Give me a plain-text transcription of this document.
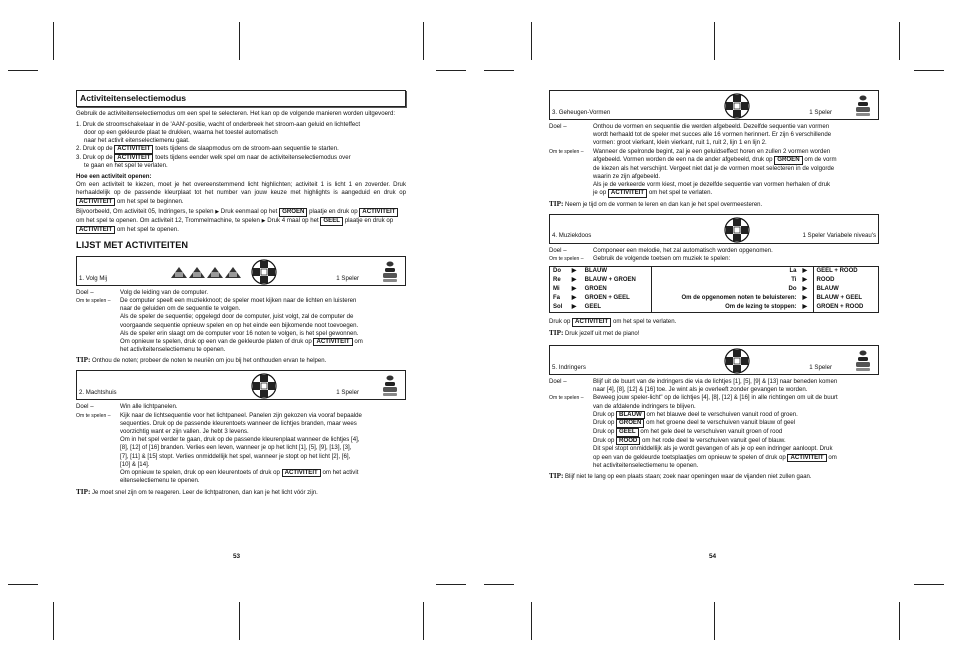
Activiteitenselectiemodus
Gebruik de activiteitenselectiemodus om een spel te selecteren. Het kan op de volgende manieren worden uitgevoerd:
1. Druk de stroomschakelaar in de 'AAN'-positie, wacht of onderbreek het stroom-aan geluid en lichteffect
door op een gekleurde plaat te drukken, waarna het toestel automatisch
naar het activit eitenselectiemenu gaat.
2. Druk op de ACTIVITEIT toets tijdens de slaapmodus om de stroom-aan sequentie te starten.
3. Druk op de ACTIVITEIT toets tijdens eender welk spel om naar de activiteitenselectiemodus over
te gaan en het spel te verlaten.
Hoe een activiteit openen:
Om een activiteit te kiezen, moet je het overeenstemmend licht highlichten; activiteit 1 is licht 1 en zoverder. Druk herhaaldelijk op de passende kleurplaat tot het number van jouw keuze met highlights is aangeduid en druk op ACTIVITEIT om het spel te beginnen.
Bijvoorbeeld, Om activiteit 05, Indringers, te spelen ▶ Druk eenmaal op het GROEN plaatje en druk op ACTIVITEIT om het spel te openen. Om activiteit 12, Trommelmachine, te spelen ▶ Druk 4 maal op het GEEL plaatje en druk op ACTIVITEIT om het spel te openen.
LIJST MET ACTIVITEITEN
1. Volg Mij	1 Speler
Doel –	Volg de leiding van de computer.
Om te spelen –	De computer speelt een muziekknoot; de speler moet kijken naar de lichten en luisteren
naar de geluiden om de sequentie te volgen.
Als de speler de sequentie; opgelegd door de computer, juist volgt, zal de computer de
voorgaande sequentie opnieuw spelen en op het einde een bijkomende noot toevoegen.
Als de speler erin slaagt om de computer voor 16 noten te volgen, is het spel gewonnen.
Om opnieuw te spelen, druk op een van de gekleurde platen of druk op ACTIVITEIT om
het activiteitenselectiemenu te openen.
TIP: Onthou de noten; probeer de noten te neuriën om jou bij het onthouden ervan te helpen.
2. Machtshuis	1 Speler
Doel –	Win alle lichtpanelen.
Om te spelen –	Kijk naar de lichtsequentie voor het lichtpaneel. Panelen zijn gekozen via vooraf bepaalde
sequenties. Druk op de passende kleurentoets wanneer de lichtjes branden, maar wees
voorzichtig want er zijn vallen. Je hebt 3 levens.
Om in het spel verder te gaan, druk op de passende kleurenplaat wanneer de lichtjes [4],
[8], [12] of [16] branden. Verlies een leven, wanneer je op het licht [1], [5], [9], [13], [3],
[7], [11] & [15] stopt. Verlies onmiddellijk het spel, wanneer je stopt op het licht [2], [6],
[10] & [14].
Om opnieuw te spelen, druk op een kleurentoets of druk op ACTIVITEIT om het activit
eitenselectiemenu te openen.
TIP: Je moet snel zijn om te reageren. Leer de lichtpatronen, dan kan je het licht vóór zijn.
53
3. Geheugen-Vormen	1 Speler
Doel –	Onthou de vormen en sequentie die werden afgebeeld. Dezelfde sequentie van vormen
wordt herhaald tot de speler met succes alle 16 vormen herinnert. Er zijn 6 verschillende
vormen: groot vierkant, klein vierkant, ruit 1, ruit 2, lijn 1 en lijn 2.
Om te spelen –	Wanneer de spelronde begint, zal je een geluidseffect horen en zullen 2 vormen worden
afgebeeld. Vormen worden de een na de ander afgebeeld, druk op GROEN om de vorm
de kiezen als het verschijnt. Vergeet niet dat je de vormen moet selecteren in de volgorde
waarin ze zijn afgebeeld.
Als je de verkeerde vorm kiest, moet je dezelfde sequentie van vormen herhalen of druk
je op ACTIVITEIT om het spel te verlaten.
TIP: Neem je tijd om de vormen te leren en dan kan je het spel overmeesteren.
4. Muziekdoos	1 Speler Variabele niveau's
Doel –	Componeer een melodie, het zal automatisch worden opgenomen.
Om te spelen –	Gebruik de volgende toetsen om muziek te spelen:
Do	▶	BLAUW	La	▶	GEEL + ROOD
Re	▶	BLAUW + GROEN	Ti	▶	ROOD
Mi	▶	GROEN	Do	▶	BLAUW
Fa	▶	GROEN + GEEL	Om de opgenomen noten te beluisteren:	▶	BLAUW + GEEL
Sol	▶	GEEL	Om de lezing te stoppen:	▶	GROEN + ROOD
Druk op ACTIVITEIT om het spel te verlaten.
TIP: Druk jezelf uit met de piano!
5. Indringers	1 Speler
Doel –	Blijf uit de buurt van de indringers die via de lichtjes [1], [5], [9] & [13] naar beneden komen
naar [4], [8], [12] & [16] toe. Je wint als je overleeft zonder gevangen te worden.
Om te spelen –	Beweeg jouw speler-licht" op de lichtjes [4], [8], [12] & [16] in alle richtingen om uit de buurt
van de afdalende indringers te blijven.
Druk op BLAUW om het blauwe deel te verschuiven vanuit rood of groen.
Druk op GROEN om het groene deel te verschuiven vanuit blauw of geel
Druk op GEEL om het gele deel te verschuiven vanuit groen of rood
Druk op ROOD om het rode deel te verschuiven vanuit geel of blauw.
Dit spel stopt onmiddellijk als je wordt gevangen of als je op een indringer aanloopt. Druk
op een van de gekleurde toetsplaatjes om opnieuw te spelen of druk op ACTIVITEIT om
het activiteitenselectiemenu te openen.
TIP: Blijf niet te lang op een plaats staan; zoek naar openingen waar de vijanden niet zullen gaan.
54
